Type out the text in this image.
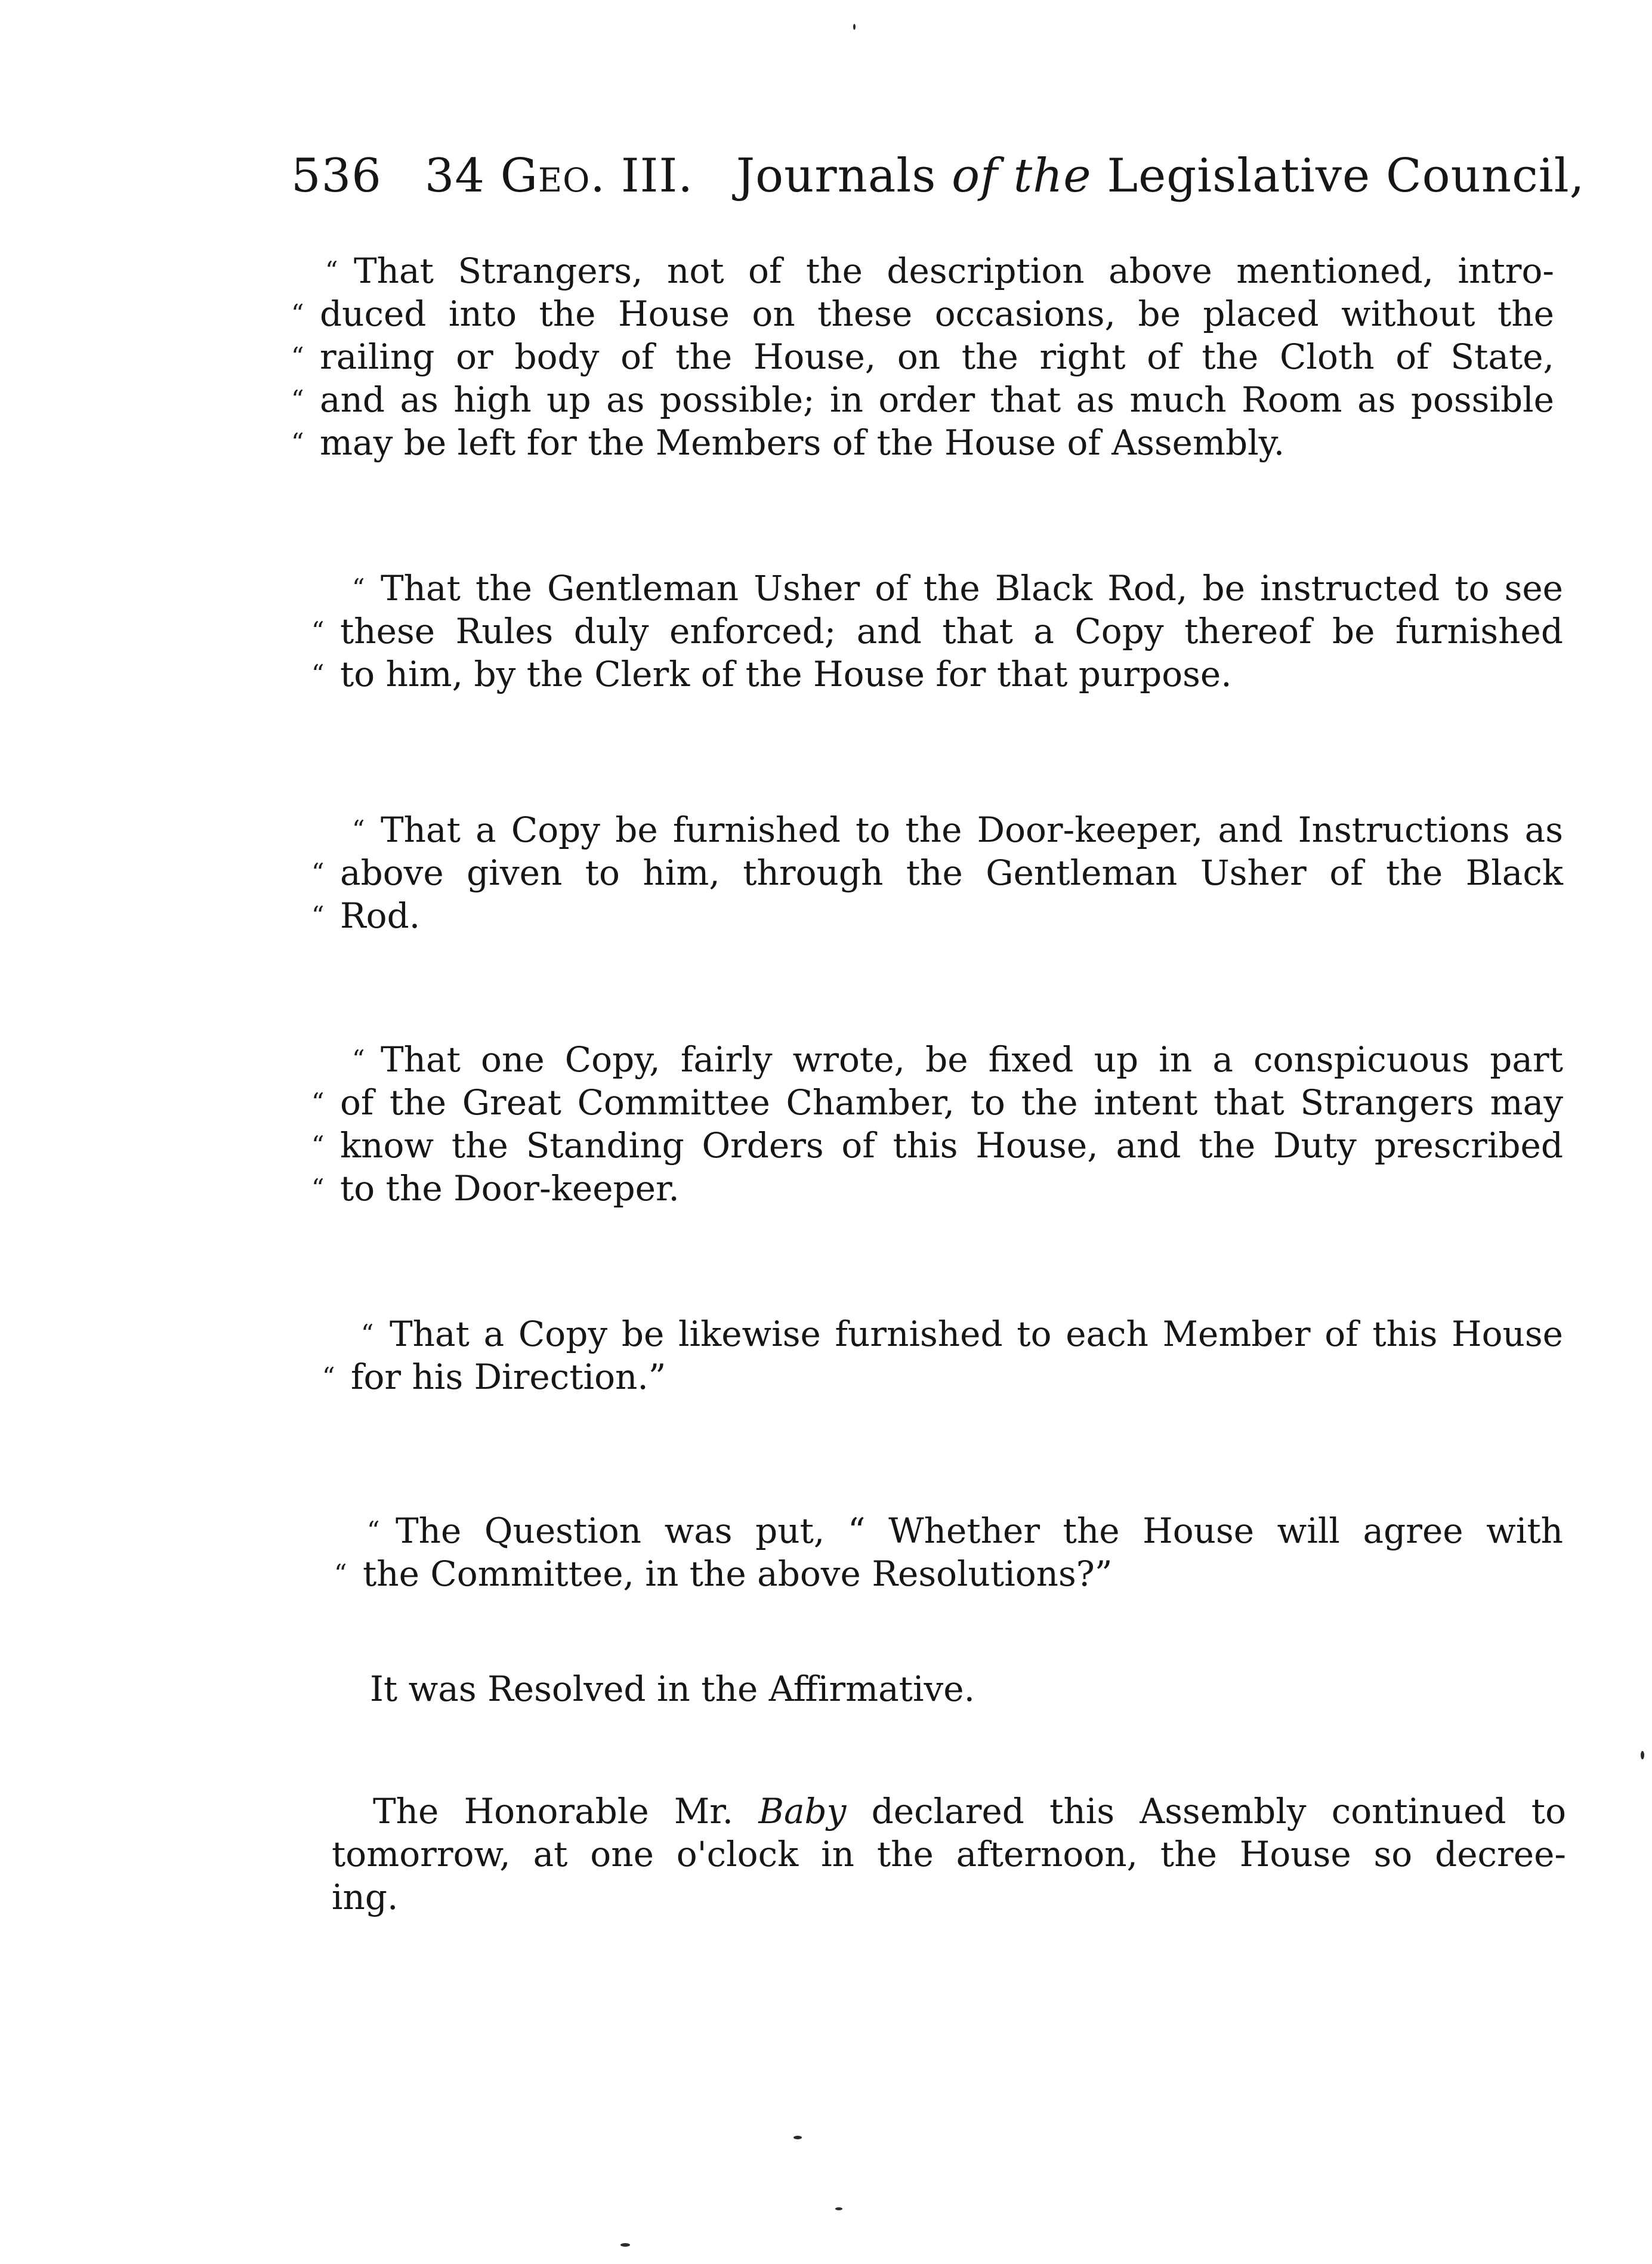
536 34 Geo. III. Journals of the Legislative Council,
“ That Strangers, not of the description above mentioned, intro-
“ duced into the House on these occasions, be placed without the
“ railing or body of the House, on the right of the Cloth of State,
“ and as high up as possible; in order that as much Room as possible
“ may be left for the Members of the House of Assembly.
“ That the Gentleman Usher of the Black Rod, be instructed to see
“ these Rules duly enforced; and that a Copy thereof be furnished
“ to him, by the Clerk of the House for that purpose.
“ That a Copy be furnished to the Door-keeper, and Instructions as
“ above given to him, through the Gentleman Usher of the Black
“ Rod.
“ That one Copy, fairly wrote, be fixed up in a conspicuous part
“ of the Great Committee Chamber, to the intent that Strangers may
“ know the Standing Orders of this House, and the Duty prescribed
“ to the Door-keeper.
“ That a Copy be likewise furnished to each Member of this House
“ for his Direction.”
“ The Question was put, “ Whether the House will agree with
“ the Committee, in the above Resolutions?”
It was Resolved in the Affirmative.
The Honorable Mr. Baby declared this Assembly continued to
tomorrow, at one o'clock in the afternoon, the House so decree-
ing.
